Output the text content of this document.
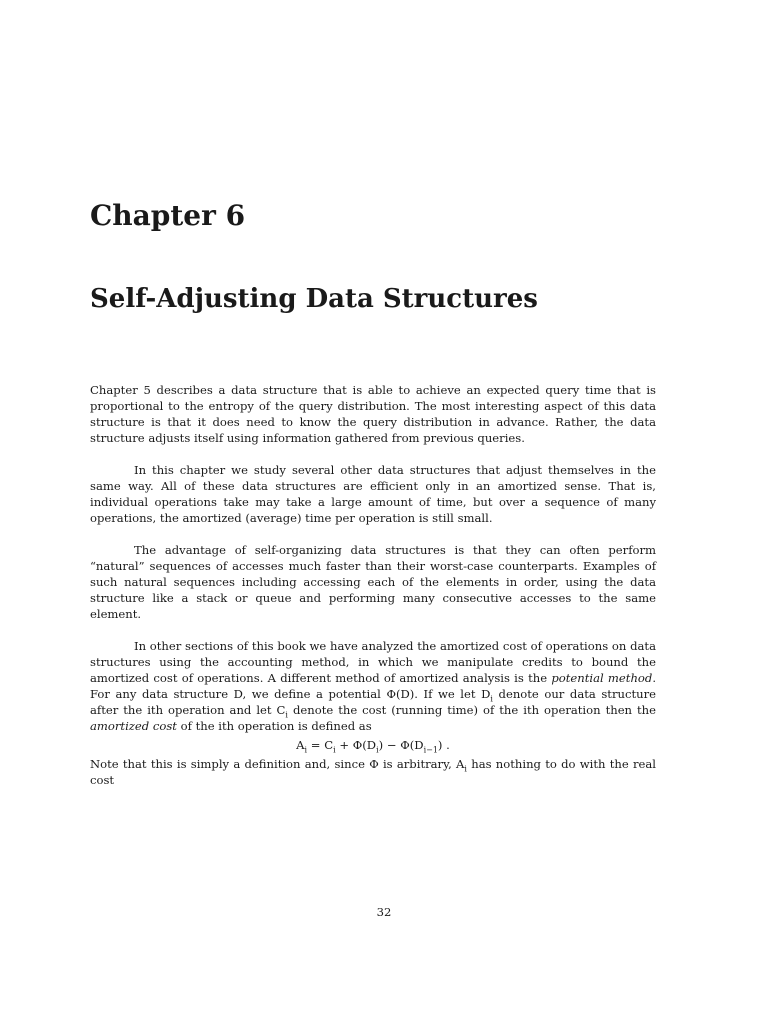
Chapter 6
Self-Adjusting Data Structures

Chapter 5 describes a data structure that is able to achieve an expected query time that is proportional to the entropy of the query distribution. The most interesting aspect of this data structure is that it does need to know the query distribution in advance. Rather, the data structure adjusts itself using information gathered from previous queries.

In this chapter we study several other data structures that adjust themselves in the same way. All of these data structures are efficient only in an amortized sense. That is, individual operations take may take a large amount of time, but over a sequence of many operations, the amortized (average) time per operation is still small.

The advantage of self-organizing data structures is that they can often perform “natural” sequences of accesses much faster than their worst-case counterparts. Examples of such natural sequences including accessing each of the elements in order, using the data structure like a stack or queue and performing many consecutive accesses to the same element.

In other sections of this book we have analyzed the amortized cost of operations on data structures using the accounting method, in which we manipulate credits to bound the amortized cost of operations. A different method of amortized analysis is the potential method. For any data structure D, we define a potential Φ(D). If we let $D_i$ denote our data structure after the ith operation and let $C_i$ denote the cost (running time) of the ith operation then the amortized cost of the ith operation is defined as

$A_i = C_i + \Phi(D_i) - \Phi(D_{i-1})$ .

Note that this is simply a definition and, since Φ is arbitrary, $A_i$ has nothing to do with the real cost

32
